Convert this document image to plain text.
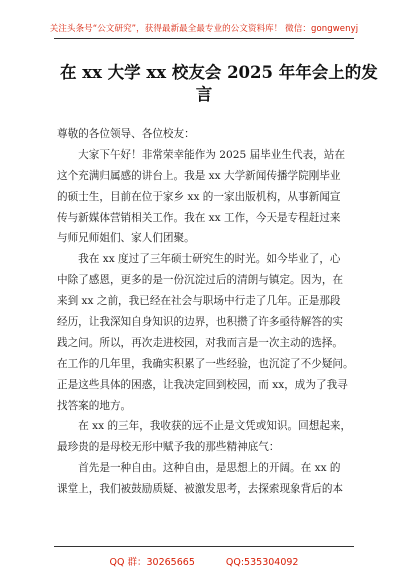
关注头条号“公文研究”，获得最新最全最专业的公文资料库！ 微信：gongwenyj
在 xx 大学 xx 校友会 2025 年年会上的发
言
尊敬的各位领导、各位校友：
　　大家下午好！非常荣幸能作为 2025 届毕业生代表，站在
这个充满归属感的讲台上。我是 xx 大学新闻传播学院刚毕业
的硕士生，目前在位于家乡 xx 的一家出版机构，从事新闻宣
传与新媒体营销相关工作。我在 xx 工作，今天是专程赶过来
与师兄师姐们、家人们团聚。
　　我在 xx 度过了三年硕士研究生的时光。如今毕业了，心
中除了感恩，更多的是一份沉淀过后的清朗与镇定。因为，在
来到 xx 之前，我已经在社会与职场中行走了几年。正是那段
经历，让我深知自身知识的边界，也积攒了许多亟待解答的实
践之问。所以，再次走进校园，对我而言是一次主动的选择。
在工作的几年里，我确实积累了一些经验，也沉淀了不少疑问。
正是这些具体的困惑，让我决定回到校园，而 xx，成为了我寻
找答案的地方。
　　在 xx 的三年，我收获的远不止是文凭或知识。回想起来，
最珍贵的是母校无形中赋予我的那些精神底气：
　　首先是一种自由。这种自由，是思想上的开阔。在 xx 的
课堂上，我们被鼓励质疑、被激发思考，去探索现象背后的本
QQ 群：30265665	QQ:535304092
